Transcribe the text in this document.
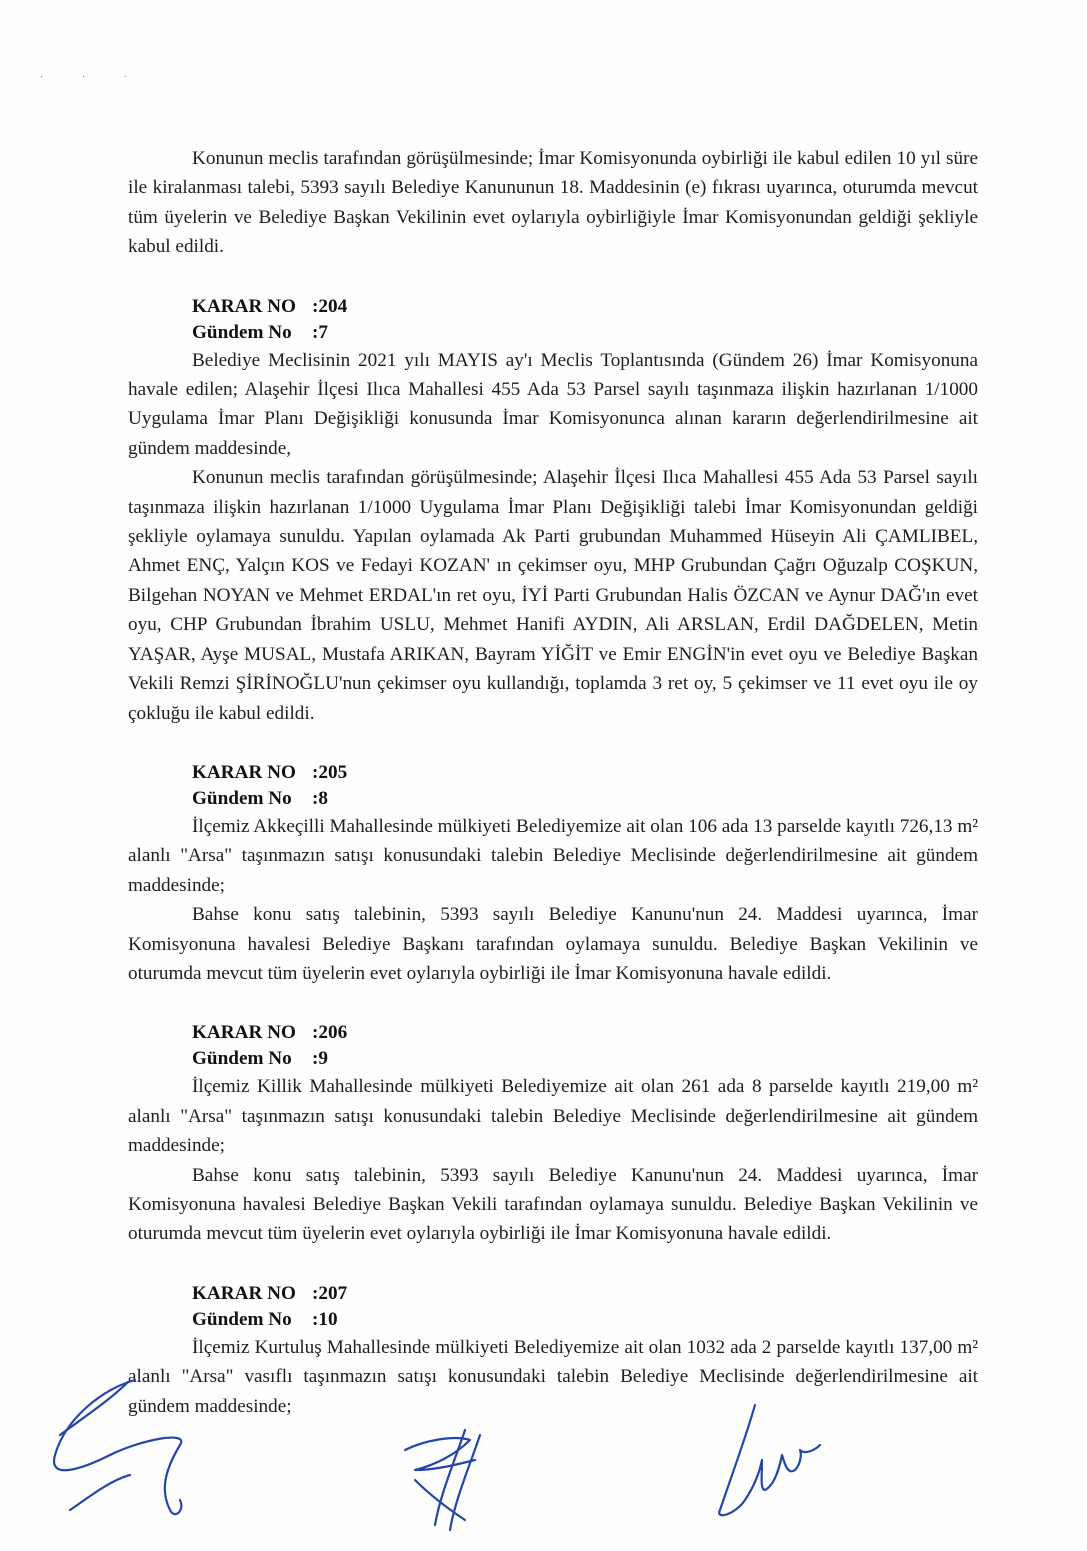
· · ·

Konunun meclis tarafından görüşülmesinde; İmar Komisyonunda oybirliği ile kabul edilen 10 yıl süre ile kiralanması talebi, 5393 sayılı Belediye Kanununun 18. Maddesinin (e) fıkrası uyarınca, oturumda mevcut tüm üyelerin ve Belediye Başkan Vekilinin evet oylarıyla oybirliğiyle İmar Komisyonundan geldiği şekliyle kabul edildi.

KARAR NO :204
Gündem No :7

Belediye Meclisinin 2021 yılı MAYIS ay'ı Meclis Toplantısında (Gündem 26) İmar Komisyonuna havale edilen; Alaşehir İlçesi Ilıca Mahallesi 455 Ada 53 Parsel sayılı taşınmaza ilişkin hazırlanan 1/1000 Uygulama İmar Planı Değişikliği konusunda İmar Komisyonunca alınan kararın değerlendirilmesine ait gündem maddesinde,

Konunun meclis tarafından görüşülmesinde; Alaşehir İlçesi Ilıca Mahallesi 455 Ada 53 Parsel sayılı taşınmaza ilişkin hazırlanan 1/1000 Uygulama İmar Planı Değişikliği talebi İmar Komisyonundan geldiği şekliyle oylamaya sunuldu. Yapılan oylamada Ak Parti grubundan Muhammed Hüseyin Ali ÇAMLIBEL, Ahmet ENÇ, Yalçın KOS ve Fedayi KOZAN' ın çekimser oyu, MHP Grubundan Çağrı Oğuzalp COŞKUN, Bilgehan NOYAN ve Mehmet ERDAL'ın ret oyu, İYİ Parti Grubundan Halis ÖZCAN ve Aynur DAĞ'ın evet oyu, CHP Grubundan İbrahim USLU, Mehmet Hanifi AYDIN, Ali ARSLAN, Erdil DAĞDELEN, Metin YAŞAR, Ayşe MUSAL, Mustafa ARIKAN, Bayram YİĞİT ve Emir ENGİN'in evet oyu ve Belediye Başkan Vekili Remzi ŞİRİNOĞLU'nun çekimser oyu kullandığı, toplamda 3 ret oy, 5 çekimser ve 11 evet oyu ile oy çokluğu ile kabul edildi.

KARAR NO :205
Gündem No :8

İlçemiz Akkeçilli Mahallesinde mülkiyeti Belediyemize ait olan 106 ada 13 parselde kayıtlı 726,13 m² alanlı "Arsa" taşınmazın satışı konusundaki talebin Belediye Meclisinde değerlendirilmesine ait gündem maddesinde;

Bahse konu satış talebinin, 5393 sayılı Belediye Kanunu'nun 24. Maddesi uyarınca, İmar Komisyonuna havalesi Belediye Başkanı tarafından oylamaya sunuldu. Belediye Başkan Vekilinin ve oturumda mevcut tüm üyelerin evet oylarıyla oybirliği ile İmar Komisyonuna havale edildi.

KARAR NO :206
Gündem No :9

İlçemiz Killik Mahallesinde mülkiyeti Belediyemize ait olan 261 ada 8 parselde kayıtlı 219,00 m² alanlı "Arsa" taşınmazın satışı konusundaki talebin Belediye Meclisinde değerlendirilmesine ait gündem maddesinde;

Bahse konu satış talebinin, 5393 sayılı Belediye Kanunu'nun 24. Maddesi uyarınca, İmar Komisyonuna havalesi Belediye Başkan Vekili tarafından oylamaya sunuldu. Belediye Başkan Vekilinin ve oturumda mevcut tüm üyelerin evet oylarıyla oybirliği ile İmar Komisyonuna havale edildi.

KARAR NO :207
Gündem No :10

İlçemiz Kurtuluş Mahallesinde mülkiyeti Belediyemize ait olan 1032 ada 2 parselde kayıtlı 137,00 m² alanlı "Arsa" vasıflı taşınmazın satışı konusundaki talebin Belediye Meclisinde değerlendirilmesine ait gündem maddesinde;
